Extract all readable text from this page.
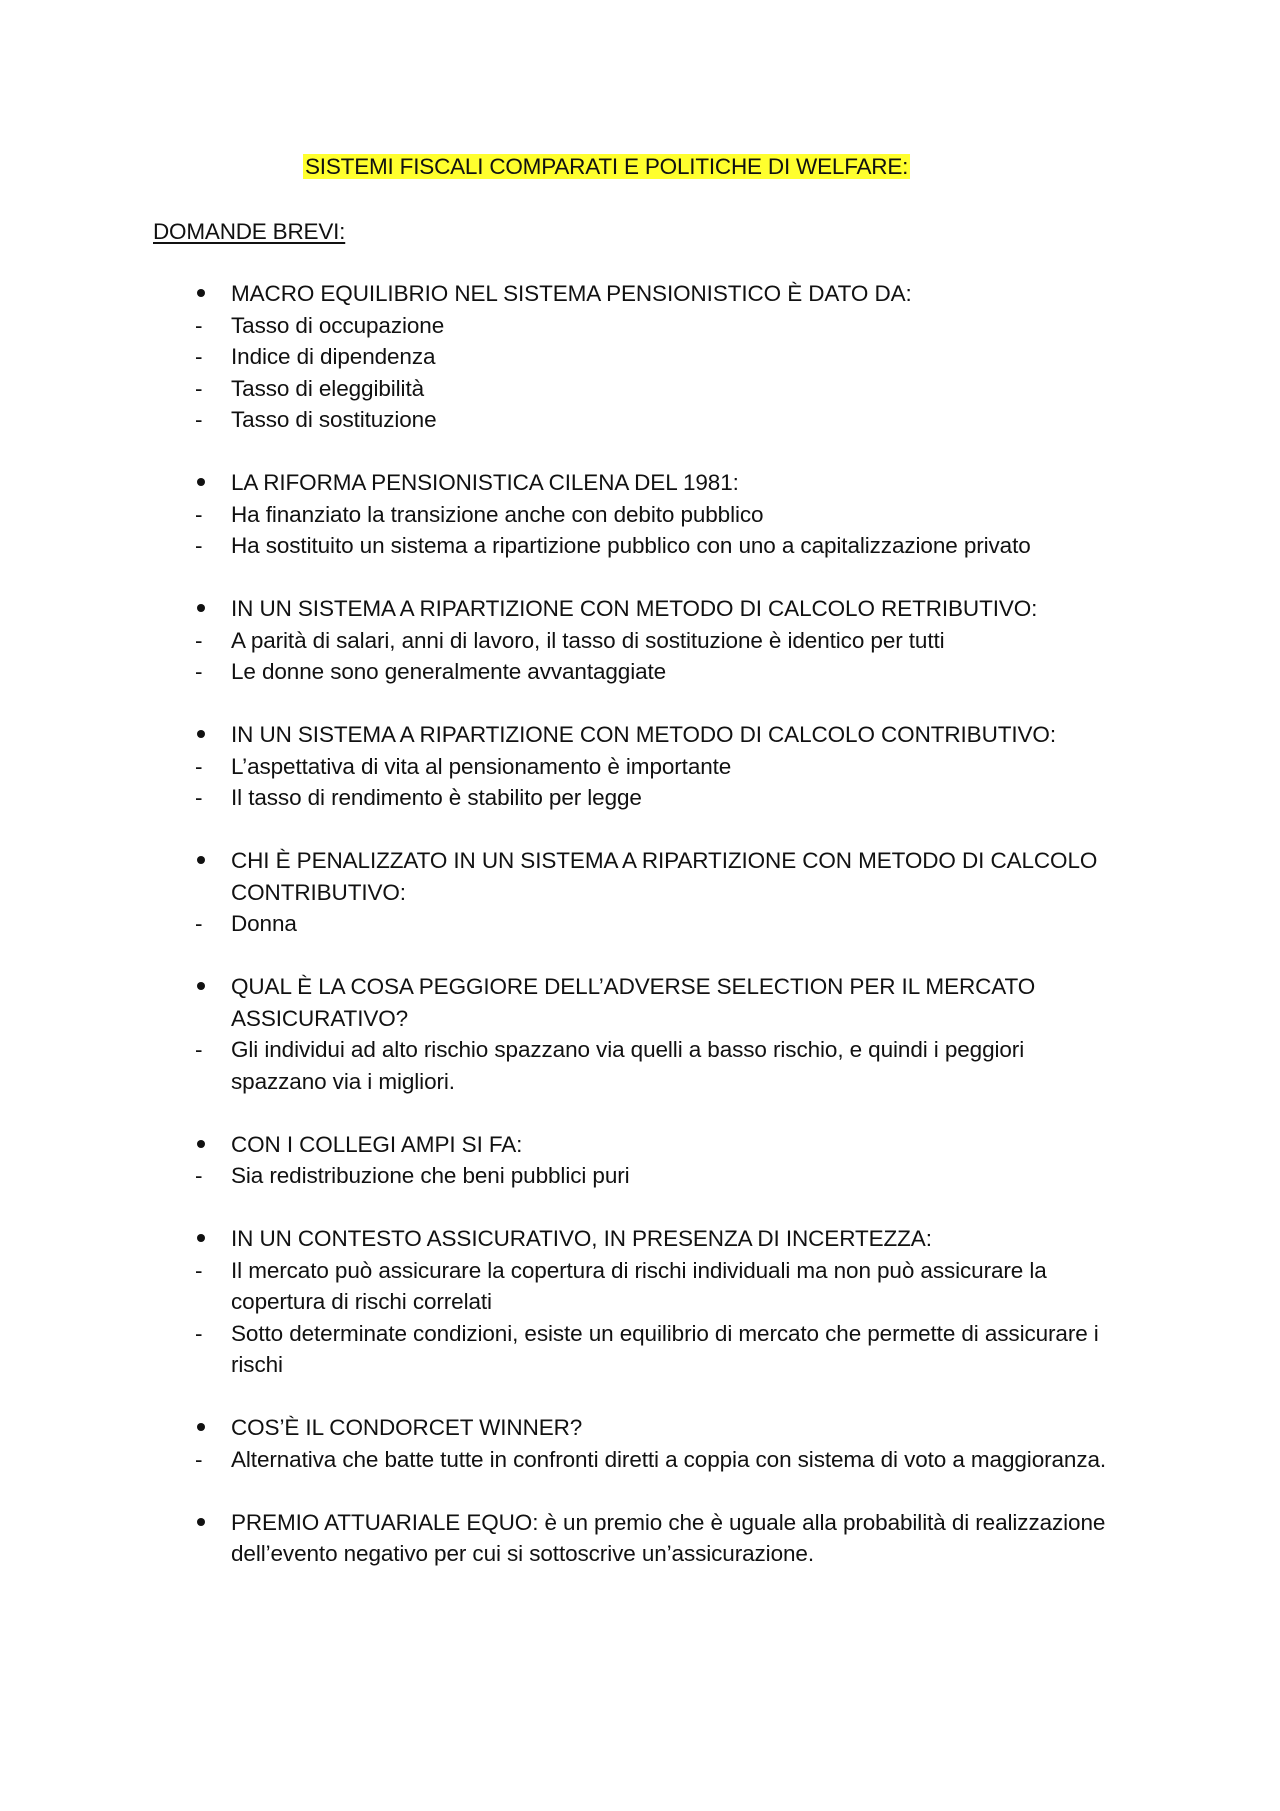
SISTEMI FISCALI COMPARATI E POLITICHE DI WELFARE:
DOMANDE BREVI:
MACRO EQUILIBRIO NEL SISTEMA PENSIONISTICO È DATO DA:
- Tasso di occupazione
- Indice di dipendenza
- Tasso di eleggibilità
- Tasso di sostituzione
LA RIFORMA PENSIONISTICA CILENA DEL 1981:
- Ha finanziato la transizione anche con debito pubblico
- Ha sostituito un sistema a ripartizione pubblico con uno a capitalizzazione privato
IN UN SISTEMA A RIPARTIZIONE CON METODO DI CALCOLO RETRIBUTIVO:
- A parità di salari, anni di lavoro, il tasso di sostituzione è identico per tutti
- Le donne sono generalmente avvantaggiate
IN UN SISTEMA A RIPARTIZIONE CON METODO DI CALCOLO CONTRIBUTIVO:
- L’aspettativa di vita al pensionamento è importante
- Il tasso di rendimento è stabilito per legge
CHI È PENALIZZATO IN UN SISTEMA A RIPARTIZIONE CON METODO DI CALCOLO CONTRIBUTIVO:
- Donna
QUAL È LA COSA PEGGIORE DELL’ADVERSE SELECTION PER IL MERCATO ASSICURATIVO?
- Gli individui ad alto rischio spazzano via quelli a basso rischio, e quindi i peggiori spazzano via i migliori.
CON I COLLEGI AMPI SI FA:
- Sia redistribuzione che beni pubblici puri
IN UN CONTESTO ASSICURATIVO, IN PRESENZA DI INCERTEZZA:
- Il mercato può assicurare la copertura di rischi individuali ma non può assicurare la copertura di rischi correlati
- Sotto determinate condizioni, esiste un equilibrio di mercato che permette di assicurare i rischi
COS’È IL CONDORCET WINNER?
- Alternativa che batte tutte in confronti diretti a coppia con sistema di voto a maggioranza.
PREMIO ATTUARIALE EQUO: è un premio che è uguale alla probabilità di realizzazione dell’evento negativo per cui si sottoscrive un’assicurazione.
